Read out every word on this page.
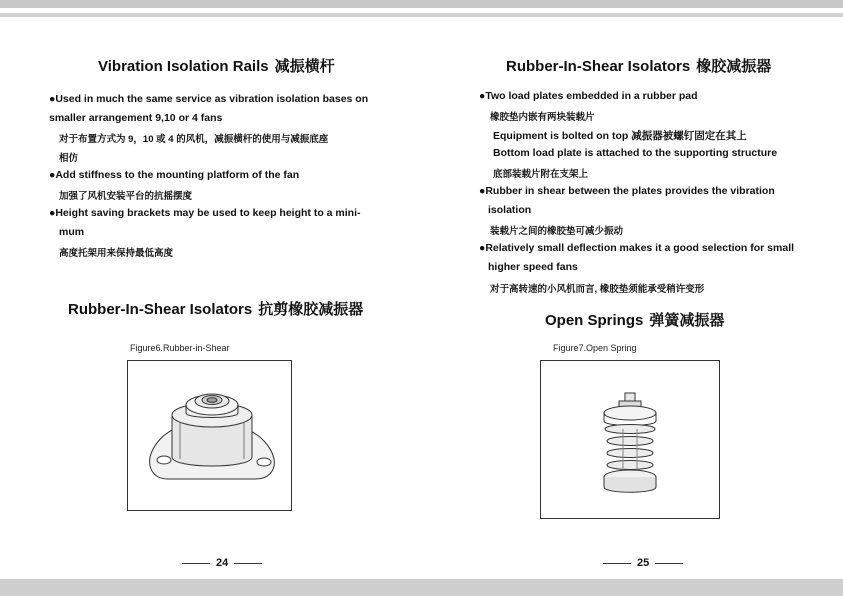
Vibration Isolation Rails 减振横杆
●Used in much the same service as vibration isolation bases on
smaller arrangement 9,10 or 4 fans
对于布置方式为 9，10 或 4 的风机，减振横杆的使用与减振底座
相仿
●Add stiffness to the mounting platform of the fan
加强了风机安装平台的抗摇摆度
●Height saving brackets may be used to keep height to a mini-
mum
高度托架用来保持最低高度
Rubber-In-Shear Isolators 抗剪橡胶减振器
Figure6.Rubber-in-Shear
24
Rubber-In-Shear Isolators 橡胶减振器
●Two load plates embedded in a rubber pad
橡胶垫内嵌有两块装载片
Equipment is bolted on top 减振器被螺钉固定在其上
Bottom load plate is attached to the supporting structure
底部装载片附在支架上
●Rubber in shear between the plates provides the vibration
isolation
装载片之间的橡胶垫可减少振动
●Relatively small deflection makes it a good selection for small
higher speed fans
对于高转速的小风机而言, 橡胶垫须能承受稍许变形
Open Springs 弹簧减振器
Figure7.Open Spring
25
